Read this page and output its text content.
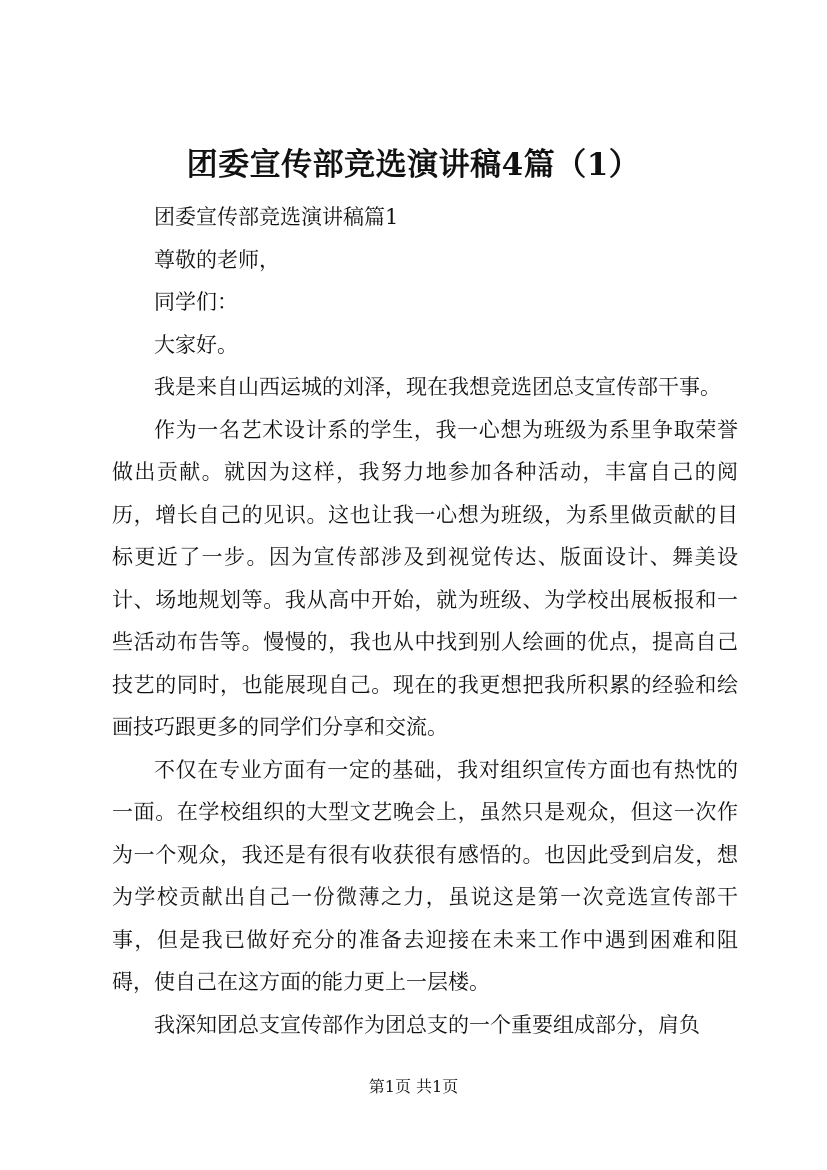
团委宣传部竞选演讲稿4篇（1）

团委宣传部竞选演讲稿篇1

尊敬的老师，

同学们：

大家好。

我是来自山西运城的刘泽，现在我想竞选团总支宣传部干事。

作为一名艺术设计系的学生，我一心想为班级为系里争取荣誉做出贡献。就因为这样，我努力地参加各种活动，丰富自己的阅历，增长自己的见识。这也让我一心想为班级，为系里做贡献的目标更近了一步。因为宣传部涉及到视觉传达、版面设计、舞美设计、场地规划等。我从高中开始，就为班级、为学校出展板报和一些活动布告等。慢慢的，我也从中找到别人绘画的优点，提高自己技艺的同时，也能展现自己。现在的我更想把我所积累的经验和绘画技巧跟更多的同学们分享和交流。

不仅在专业方面有一定的基础，我对组织宣传方面也有热忱的一面。在学校组织的大型文艺晚会上，虽然只是观众，但这一次作为一个观众，我还是有很有收获很有感悟的。也因此受到启发，想为学校贡献出自己一份微薄之力，虽说这是第一次竞选宣传部干事，但是我已做好充分的准备去迎接在未来工作中遇到困难和阻碍，使自己在这方面的能力更上一层楼。

我深知团总支宣传部作为团总支的一个重要组成部分，肩负

第1页 共1页
